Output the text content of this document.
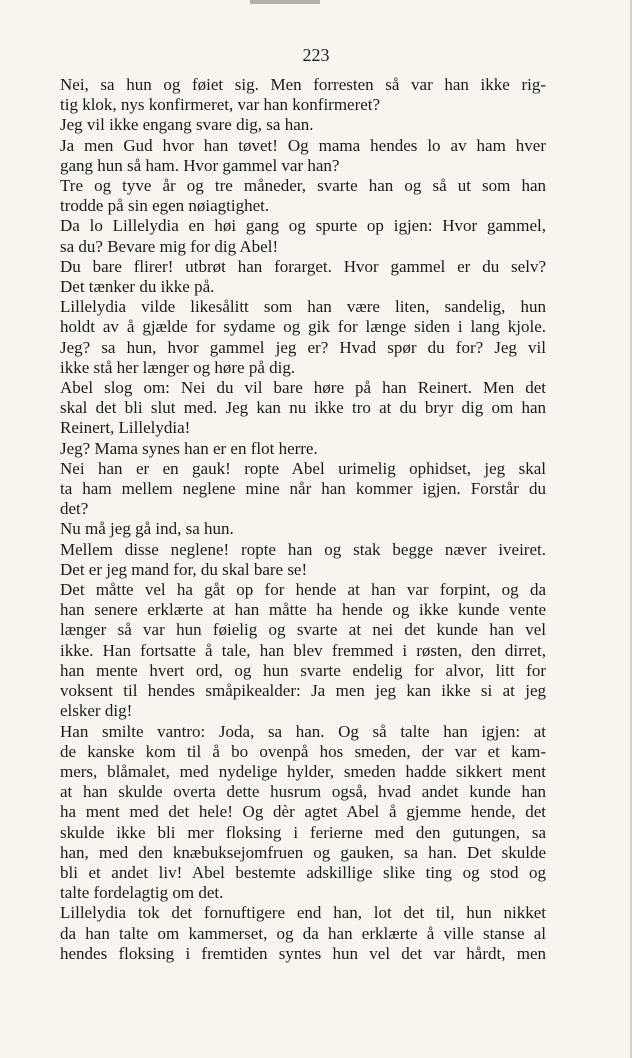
223
Nei, sa hun og føiet sig. Men forresten så var han ikke rig-
tig klok, nys konfirmeret, var han konfirmeret?
Jeg vil ikke engang svare dig, sa han.
Ja men Gud hvor han tøvet! Og mama hendes lo av ham hver
gang hun så ham. Hvor gammel var han?
Tre og tyve år og tre måneder, svarte han og så ut som han
trodde på sin egen nøiagtighet.
Da lo Lillelydia en høi gang og spurte op igjen: Hvor gammel,
sa du? Bevare mig for dig Abel!
Du bare flirer! utbrøt han forarget. Hvor gammel er du selv?
Det tænker du ikke på.
Lillelydia vilde likesålitt som han være liten, sandelig, hun
holdt av å gjælde for sydame og gik for længe siden i lang kjole.
Jeg? sa hun, hvor gammel jeg er? Hvad spør du for? Jeg vil
ikke stå her længer og høre på dig.
Abel slog om: Nei du vil bare høre på han Reinert. Men det
skal det bli slut med. Jeg kan nu ikke tro at du bryr dig om han
Reinert, Lillelydia!
Jeg? Mama synes han er en flot herre.
Nei han er en gauk! ropte Abel urimelig ophidset, jeg skal
ta ham mellem neglene mine når han kommer igjen. Forstår du
det?
Nu må jeg gå ind, sa hun.
Mellem disse neglene! ropte han og stak begge næver iveiret.
Det er jeg mand for, du skal bare se!
Det måtte vel ha gåt op for hende at han var forpint, og da
han senere erklærte at han måtte ha hende og ikke kunde vente
længer så var hun føielig og svarte at nei det kunde han vel
ikke. Han fortsatte å tale, han blev fremmed i røsten, den dirret,
han mente hvert ord, og hun svarte endelig for alvor, litt for
voksent til hendes småpikealder: Ja men jeg kan ikke si at jeg
elsker dig!
Han smilte vantro: Joda, sa han. Og så talte han igjen: at
de kanske kom til å bo ovenpå hos smeden, der var et kam-
mers, blåmalet, med nydelige hylder, smeden hadde sikkert ment
at han skulde overta dette husrum også, hvad andet kunde han
ha ment med det hele! Og dèr agtet Abel å gjemme hende, det
skulde ikke bli mer floksing i ferierne med den gutungen, sa
han, med den knæbuksejomfruen og gauken, sa han. Det skulde
bli et andet liv! Abel bestemte adskillige slike ting og stod og
talte fordelagtig om det.
Lillelydia tok det fornuftigere end han, lot det til, hun nikket
da han talte om kammerset, og da han erklærte å ville stanse al
hendes floksing i fremtiden syntes hun vel det var hårdt, men
